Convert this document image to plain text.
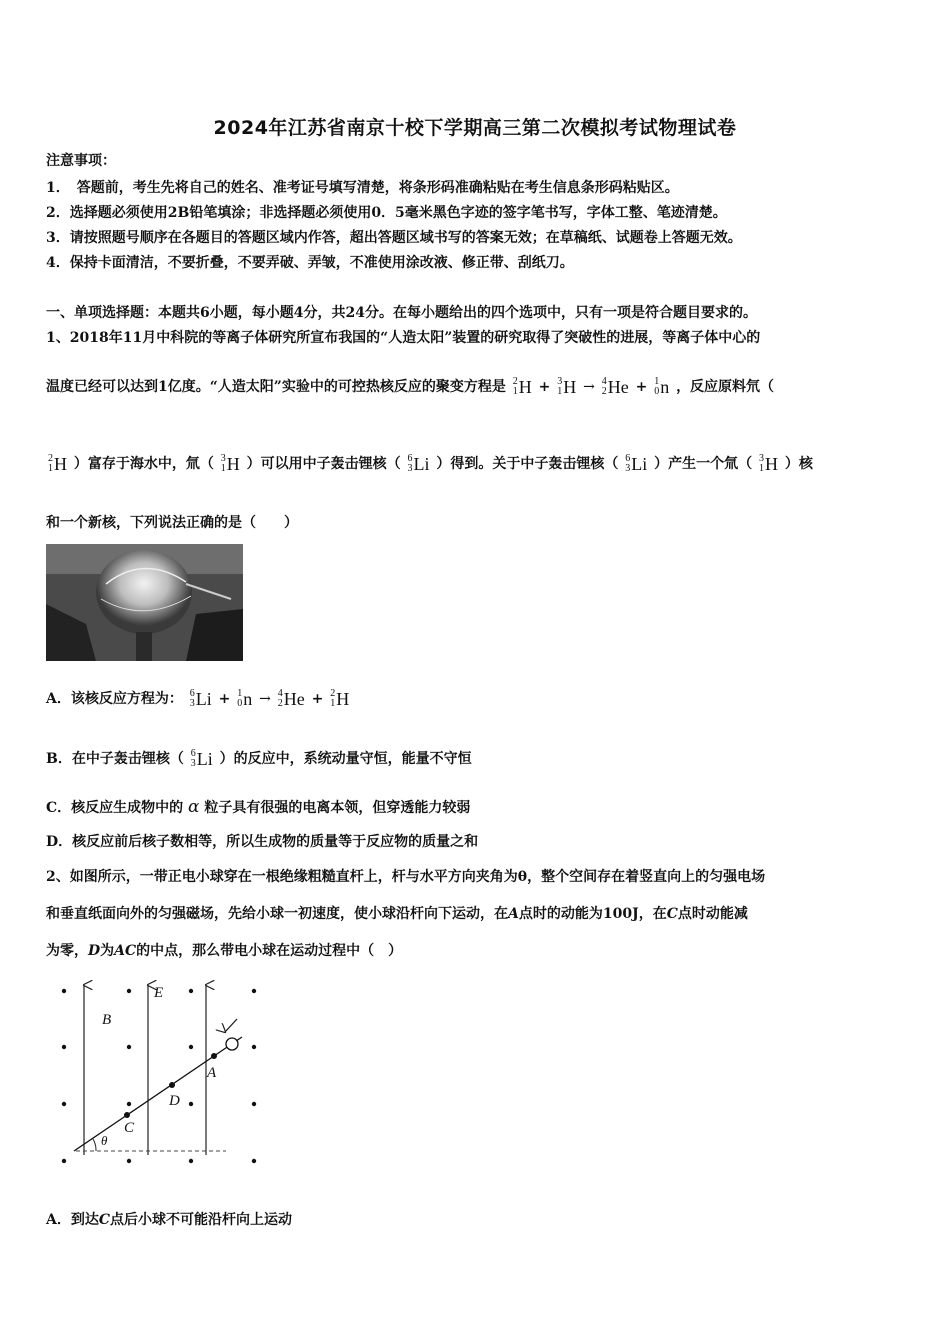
2024年江苏省南京十校下学期高三第二次模拟考试物理试卷
注意事项：
1．　答题前，考生先将自己的姓名、准考证号填写清楚，将条形码准确粘贴在考生信息条形码粘贴区。
2．选择题必须使用2B铅笔填涂；非选择题必须使用0．5毫米黑色字迹的签字笔书写，字体工整、笔迹清楚。
3．请按照题号顺序在各题目的答题区域内作答，超出答题区域书写的答案无效；在草稿纸、试题卷上答题无效。
4．保持卡面清洁，不要折叠，不要弄破、弄皱，不准使用涂改液、修正带、刮纸刀。
一、单项选择题：本题共6小题，每小题4分，共24分。在每小题给出的四个选项中，只有一项是符合题目要求的。
1、2018年11月中科院的等离子体研究所宣布我国的“人造太阳”装置的研究取得了突破性的进展，等离子体中心的
温度已经可以达到1亿度。“人造太阳”实验中的可控热核反应的聚变方程是 2
1 H + 3
1 H → 4
2 He + 1
0 n ，反应原料氘（
2
1 H ）富存于海水中，氚（ 3
1 H ）可以用中子轰击锂核（ 6
3 Li ）得到。关于中子轰击锂核（ 6
3 Li ）产生一个氚（ 3
1 H ）核
和一个新核，下列说法正确的是（　　）
A．该核反应方程为： 6
3 Li + 1
0 n → 4
2 He + 2
1 H
B．在中子轰击锂核（ 6
3 Li ）的反应中，系统动量守恒，能量不守恒
C．核反应生成物中的 α 粒子具有很强的电离本领，但穿透能力较弱
D．核反应前后核子数相等，所以生成物的质量等于反应物的质量之和
2、如图所示，一带正电小球穿在一根绝缘粗糙直杆上，杆与水平方向夹角为θ，整个空间存在着竖直向上的匀强电场
和垂直纸面向外的匀强磁场，先给小球一初速度，使小球沿杆向下运动，在A点时的动能为100J，在C点时动能减
为零，D为AC的中点，那么带电小球在运动过程中（　）
B
E
A
D
C
θ
A．到达C点后小球不可能沿杆向上运动
